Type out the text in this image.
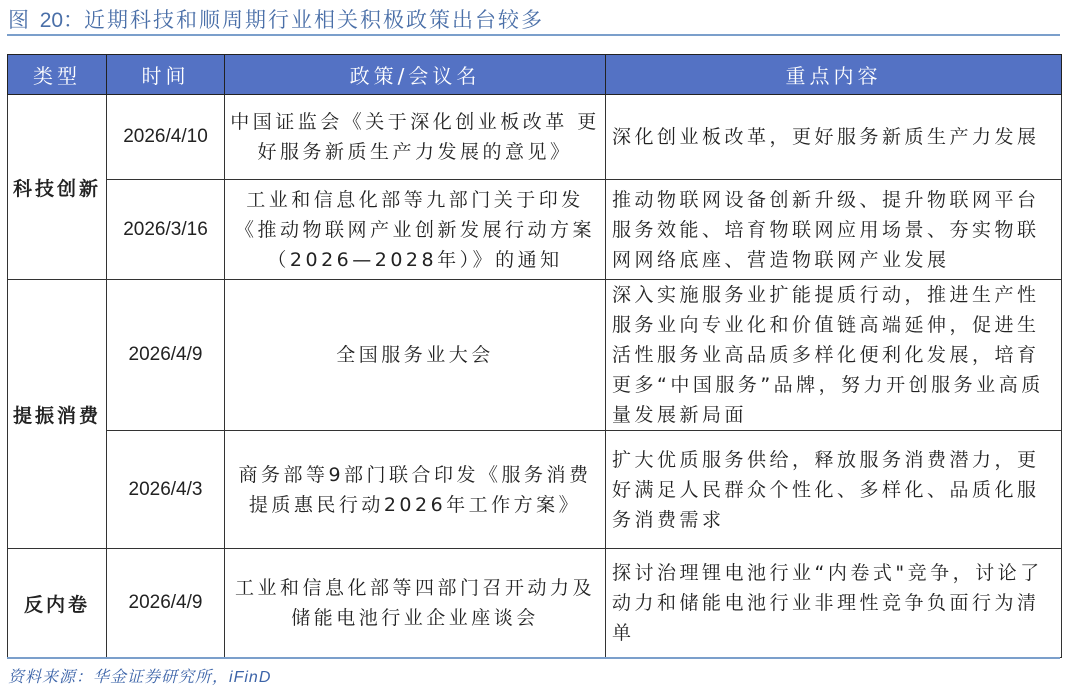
图 20：近期科技和顺周期行业相关积极政策出台较多
类型	时间	政策/会议名	重点内容
科技创新	2026/4/10	中国证监会《关于深化创业板改革 更好服务新质生产力发展的意见》	深化创业板改革，更好服务新质生产力发展
	2026/3/16	工业和信息化部等九部门关于印发《推动物联网产业创新发展行动方案（2026—2028年）》的通知	推动物联网设备创新升级、提升物联网平台服务效能、培育物联网应用场景、夯实物联网网络底座、营造物联网产业发展
提振消费	2026/4/9	全国服务业大会	深入实施服务业扩能提质行动，推进生产性服务业向专业化和价值链高端延伸，促进生活性服务业高品质多样化便利化发展，培育更多“中国服务”品牌，努力开创服务业高质量发展新局面
	2026/4/3	商务部等9部门联合印发《服务消费提质惠民行动2026年工作方案》	扩大优质服务供给，释放服务消费潜力，更好满足人民群众个性化、多样化、品质化服务消费需求
反内卷	2026/4/9	工业和信息化部等四部门召开动力及储能电池行业企业座谈会	探讨治理锂电池行业“内卷式"竞争，讨论了动力和储能电池行业非理性竞争负面行为清单
资料来源：华金证券研究所，iFinD
